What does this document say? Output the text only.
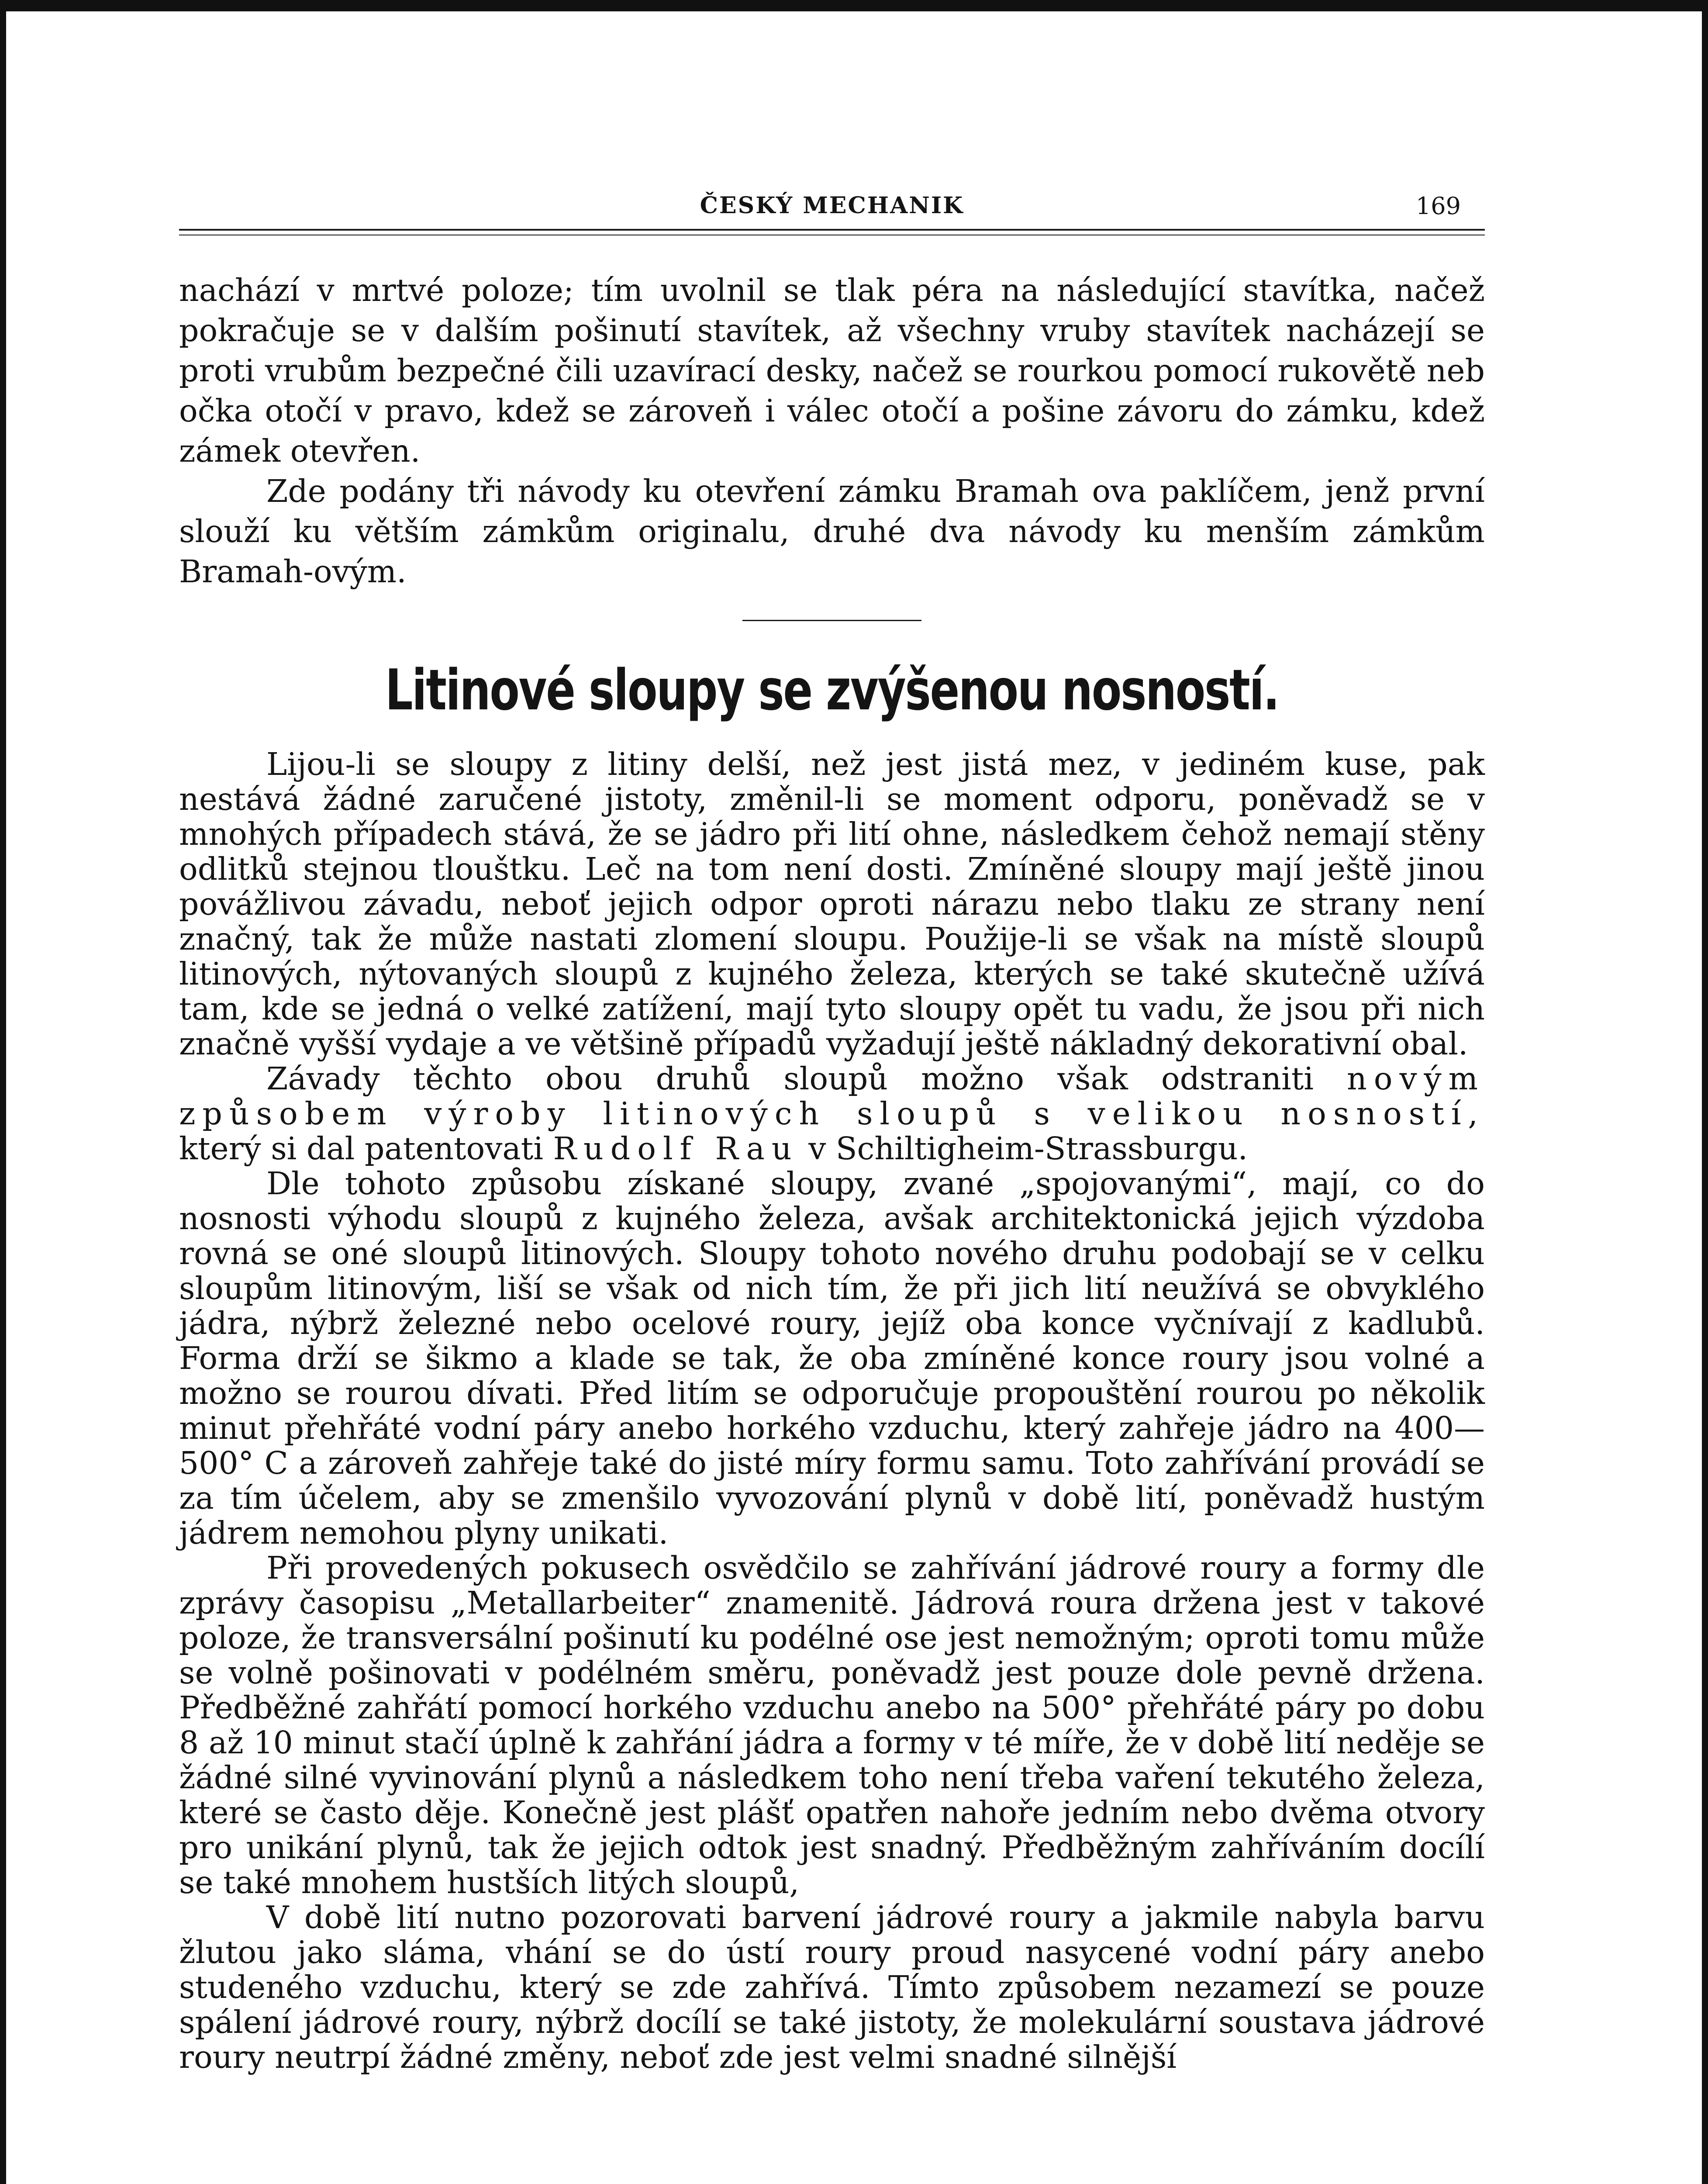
ČESKÝ MECHANIK	169

nachází v mrtvé poloze; tím uvolnil se tlak péra na následující stavítka, načež pokračuje se v dalším pošinutí stavítek, až všechny vruby stavítek nacházejí se proti vrubům bezpečné čili uzavírací desky, načež se rourkou pomocí rukovětě neb očka otočí v pravo, kdež se zároveň i válec otočí a pošine závoru do zámku, kdež zámek otevřen.

Zde podány tři návody ku otevření zámku Bramah ova paklíčem, jenž první slouží ku větším zámkům originalu, druhé dva návody ku menším zámkům Bramah-ovým.

Litinové sloupy se zvýšenou nosností.

Lijou-li se sloupy z litiny delší, než jest jistá mez, v jediném kuse, pak nestává žádné zaručené jistoty, změnil-li se moment odporu, poněvadž se v mnohých případech stává, že se jádro při lití ohne, následkem čehož nemají stěny odlitků stejnou tlouštku. Leč na tom není dosti. Zmíněné sloupy mají ještě jinou povážlivou závadu, neboť jejich odpor oproti nárazu nebo tlaku ze strany není značný, tak že může nastati zlomení sloupu. Použije-li se však na místě sloupů litinových, nýtovaných sloupů z kujného železa, kterých se také skutečně užívá tam, kde se jedná o velké zatížení, mají tyto sloupy opět tu vadu, že jsou při nich značně vyšší vydaje a ve většině případů vyžadují ještě nákladný dekorativní obal.

Závady těchto obou druhů sloupů možno však odstraniti novým způsobem výroby litinových sloupů s velikou nosností, který si dal patentovati Rudolf Rau v Schiltigheim-Strassburgu.

Dle tohoto způsobu získané sloupy, zvané „spojovanými“, mají, co do nosnosti výhodu sloupů z kujného železa, avšak architektonická jejich výzdoba rovná se oné sloupů litinových. Sloupy tohoto nového druhu podobají se v celku sloupům litinovým, liší se však od nich tím, že při jich lití neužívá se obvyklého jádra, nýbrž železné nebo ocelové roury, jejíž oba konce vyčnívají z kadlubů. Forma drží se šikmo a klade se tak, že oba zmíněné konce roury jsou volné a možno se rourou dívati. Před litím se odporučuje propouštění rourou po několik minut přehřáté vodní páry anebo horkého vzduchu, který zahřeje jádro na 400—500° C a zároveň zahřeje také do jisté míry formu samu. Toto zahřívání provádí se za tím účelem, aby se zmenšilo vyvozování plynů v době lití, poněvadž hustým jádrem nemohou plyny unikati.

Při provedených pokusech osvědčilo se zahřívání jádrové roury a formy dle zprávy časopisu „Metallarbeiter“ znamenitě. Jádrová roura držena jest v takové poloze, že transversální pošinutí ku podélné ose jest nemožným; oproti tomu může se volně pošinovati v podélném směru, poněvadž jest pouze dole pevně držena. Předběžné zahřátí pomocí horkého vzduchu anebo na 500° přehřáté páry po dobu 8 až 10 minut stačí úplně k zahřání jádra a formy v té míře, že v době lití neděje se žádné silné vyvinování plynů a následkem toho není třeba vaření tekutého železa, které se často děje. Konečně jest plášť opatřen nahoře jedním nebo dvěma otvory pro unikání plynů, tak že jejich odtok jest snadný. Předběžným zahříváním docílí se také mnohem hustších litých sloupů,

V době lití nutno pozorovati barvení jádrové roury a jakmile nabyla barvu žlutou jako sláma, vhání se do ústí roury proud nasycené vodní páry anebo studeného vzduchu, který se zde zahřívá. Tímto způsobem nezamezí se pouze spálení jádrové roury, nýbrž docílí se také jistoty, že molekulární soustava jádrové roury neutrpí žádné změny, neboť zde jest velmi snadné silnější
